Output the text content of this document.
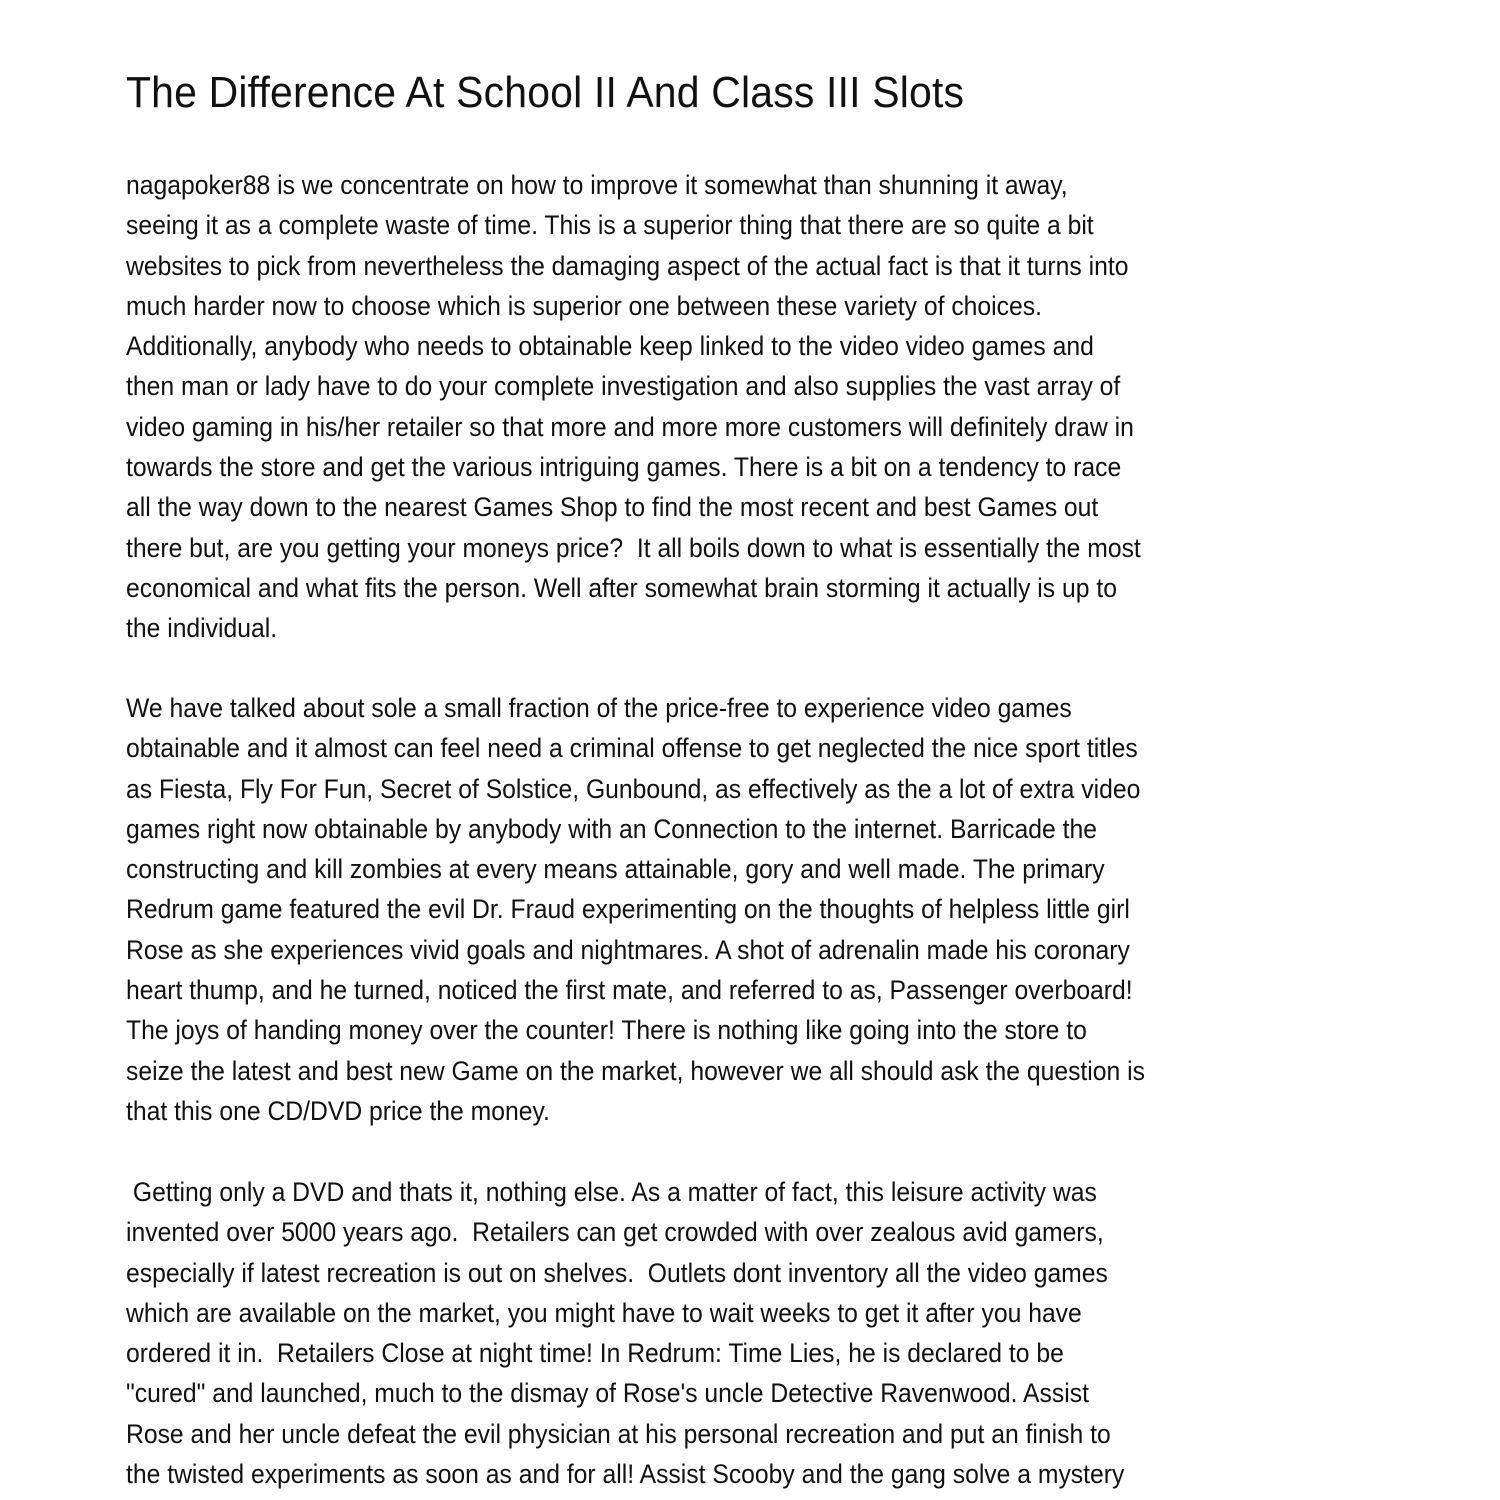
The Difference At School II And Class III Slots
nagapoker88 is we concentrate on how to improve it somewhat than shunning it away,
seeing it as a complete waste of time. This is a superior thing that there are so quite a bit
websites to pick from nevertheless the damaging aspect of the actual fact is that it turns into
much harder now to choose which is superior one between these variety of choices.
Additionally, anybody who needs to obtainable keep linked to the video video games and
then man or lady have to do your complete investigation and also supplies the vast array of
video gaming in his/her retailer so that more and more more customers will definitely draw in
towards the store and get the various intriguing games. There is a bit on a tendency to race
all the way down to the nearest Games Shop to find the most recent and best Games out
there but, are you getting your moneys price?  It all boils down to what is essentially the most
economical and what fits the person. Well after somewhat brain storming it actually is up to
the individual.
We have talked about sole a small fraction of the price-free to experience video games
obtainable and it almost can feel need a criminal offense to get neglected the nice sport titles
as Fiesta, Fly For Fun, Secret of Solstice, Gunbound, as effectively as the a lot of extra video
games right now obtainable by anybody with an Connection to the internet. Barricade the
constructing and kill zombies at every means attainable, gory and well made. The primary
Redrum game featured the evil Dr. Fraud experimenting on the thoughts of helpless little girl
Rose as she experiences vivid goals and nightmares. A shot of adrenalin made his coronary
heart thump, and he turned, noticed the first mate, and referred to as, Passenger overboard!
The joys of handing money over the counter! There is nothing like going into the store to
seize the latest and best new Game on the market, however we all should ask the question is
that this one CD/DVD price the money.
Getting only a DVD and thats it, nothing else. As a matter of fact, this leisure activity was
invented over 5000 years ago.  Retailers can get crowded with over zealous avid gamers,
especially if latest recreation is out on shelves.  Outlets dont inventory all the video games
which are available on the market, you might have to wait weeks to get it after you have
ordered it in.  Retailers Close at night time! In Redrum: Time Lies, he is declared to be
"cured" and launched, much to the dismay of Rose's uncle Detective Ravenwood. Assist
Rose and her uncle defeat the evil physician at his personal recreation and put an finish to
the twisted experiments as soon as and for all! Assist Scooby and the gang solve a mystery
